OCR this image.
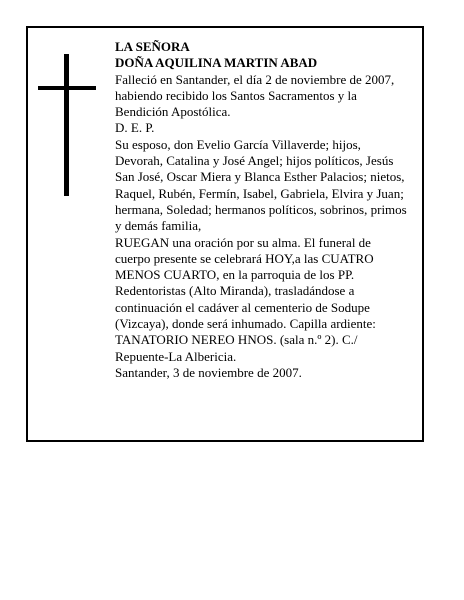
LA SEÑORA
DOÑA AQUILINA MARTIN ABAD
Falleció en Santander, el día 2 de noviembre de 2007,
habiendo recibido los Santos Sacramentos y la
Bendición Apostólica.
D. E. P.
Su esposo, don Evelio García Villaverde; hijos,
Devorah, Catalina y José Angel; hijos políticos, Jesús
San José, Oscar Miera y Blanca Esther Palacios; nietos,
Raquel, Rubén, Fermín, Isabel, Gabriela, Elvira y Juan;
hermana, Soledad; hermanos políticos, sobrinos, primos
y demás familia,
RUEGAN una oración por su alma. El funeral de
cuerpo presente se celebrará HOY,a las CUATRO
MENOS CUARTO, en la parroquia de los PP.
Redentoristas (Alto Miranda), trasladándose a
continuación el cadáver al cementerio de Sodupe
(Vizcaya), donde será inhumado. Capilla ardiente:
TANATORIO NEREO HNOS. (sala n.º 2). C./
Repuente-La Albericia.
Santander, 3 de noviembre de 2007.
